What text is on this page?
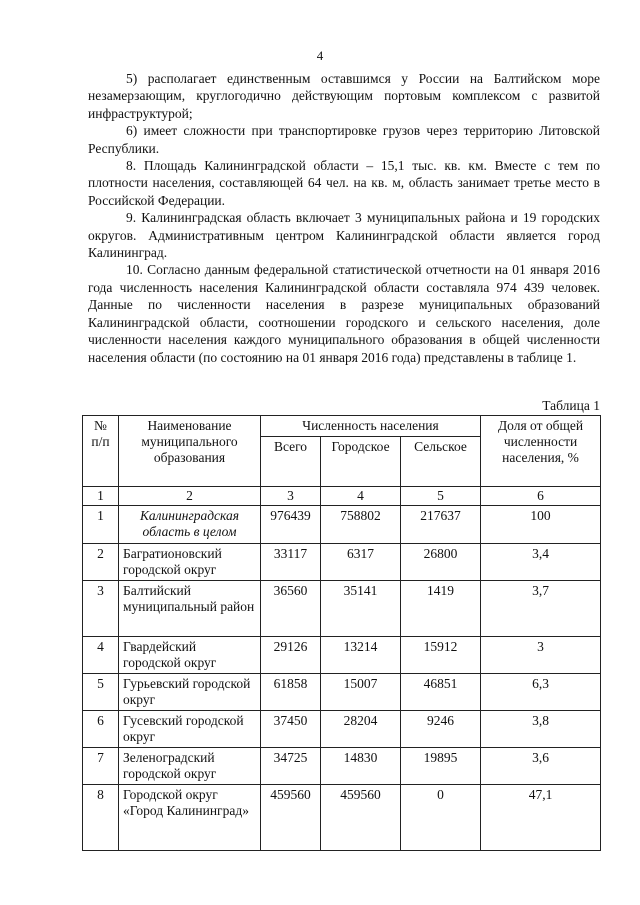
4

5) располагает единственным оставшимся у России на Балтийском море незамерзающим, круглогодично действующим портовым комплексом с развитой инфраструктурой;

6) имеет сложности при транспортировке грузов через территорию Литовской Республики.

8. Площадь Калининградской области – 15,1 тыс. кв. км. Вместе с тем по плотности населения, составляющей 64 чел. на кв. м, область занимает третье место в Российской Федерации.

9. Калининградская область включает 3 муниципальных района и 19 городских округов. Административным центром Калининградской области является город Калининград.

10. Согласно данным федеральной статистической отчетности на 01 января 2016 года численность населения Калининградской области составляла 974 439 человек. Данные по численности населения в разрезе муниципальных образований Калининградской области, соотношении городского и сельского населения, доле численности населения каждого муниципального образования в общей численности населения области (по состоянию на 01 января 2016 года) представлены в таблице 1.

Таблица 1
№ п/п	Наименование муниципального образования	Численность населения			Доля от общей численности населения, %
		Всего	Городское	Сельское	
1	2	3	4	5	6
1	Калининградская область в целом	976439	758802	217637	100
2	Багратионовский городской округ	33117	6317	26800	3,4
3	Балтийский муниципальный район	36560	35141	1419	3,7
4	Гвардейский городской округ	29126	13214	15912	3
5	Гурьевский городской округ	61858	15007	46851	6,3
6	Гусевский городской округ	37450	28204	9246	3,8
7	Зеленоградский городской округ	34725	14830	19895	3,6
8	Городской округ «Город Калининград»	459560	459560	0	47,1
